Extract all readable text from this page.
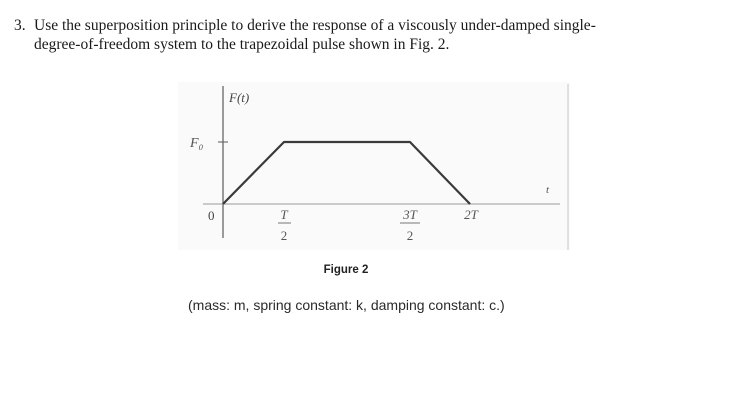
3. Use the superposition principle to derive the response of a viscously under-damped single-
degree-of-freedom system to the trapezoidal pulse shown in Fig. 2.
F(t)
F₀
0
t
T
2
3T
2
2T
Figure 2
(mass: m, spring constant: k, damping constant: c.)
